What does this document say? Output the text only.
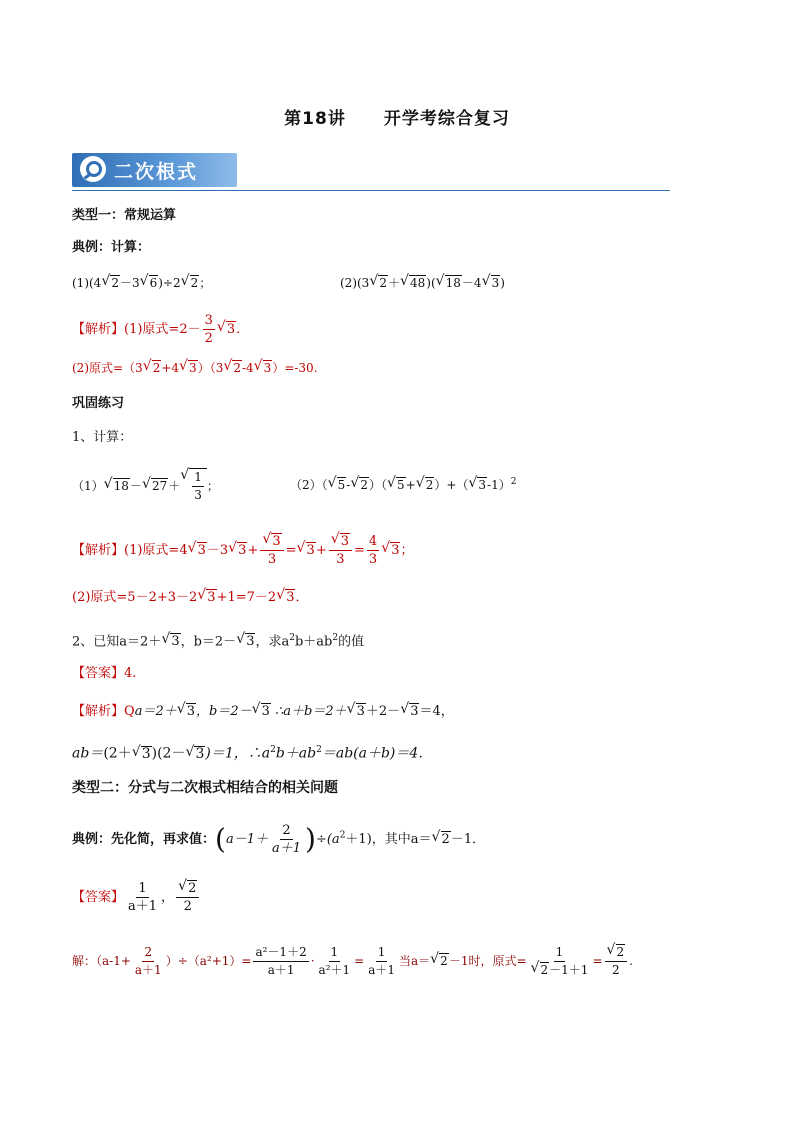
第18讲 开学考综合复习
二次根式
类型一：常规运算
典例：计算：
(1)(4 √ 2－3 √ 6)÷2 √ 2；	(2)(3 √ 2＋ √ 48)( √ 18－4 √ 3)
【解析】(1)原式$=2- \frac{3}{2}$ √ 3．
(2)原式=（3 √ 2+4 √ 3）（3 √ 2-4 √ 3）=-30.
巩固练习
1、计算：
（1） √ 18－ √ 27＋ √ $\frac{1}{3}$ ；	（2）（ √ 5- √ 2）（ √ 5+ √ 2）+（ √ 3-1）$^2$
【解析】(1)原式=4 √ 3－3 √ 3+ √ $\frac{3}{3}$ = √ 3+ √ $\frac{3}{3} = \frac{4}{3}$ √ 3；
(2)原式=5－2+3－2 √ 3+1=7－2 √ 3．
2、已知a＝2＋ √ 3，b＝2－ √ 3，求$a^2b+ab^2$的值
【答案】4.
【解析】Qa＝2＋ √ 3，b＝2－ √ 3 ∴a＋b＝2＋ √ 3＋2－ √ 3＝4，
ab＝(2＋ √ 3)(2－ √ 3)＝1，$\therefore a^2b+ab^2=ab(a+b)=4$．
类型二：分式与二次根式相结合的相关问题
典例：先化简，再求值：$(a-1+ \frac{2}{a+1} )\div(a^2+1)$，其中a＝ √ 2－1．
【答案】 $\frac{1}{a+1}$ ， √ $\frac{2}{2}$
解：$(a-1+ \frac{2}{a+1} )\div(a^2+1)= \frac{\text{a²－1＋2}}{a+1} \cdot \frac{1}{\text{a²＋1}} = \frac{1}{a+1}$ 当a＝ √ 2－1时，原式= 1
√ 2－1＋1 = √ $\frac{2}{2}$ .
